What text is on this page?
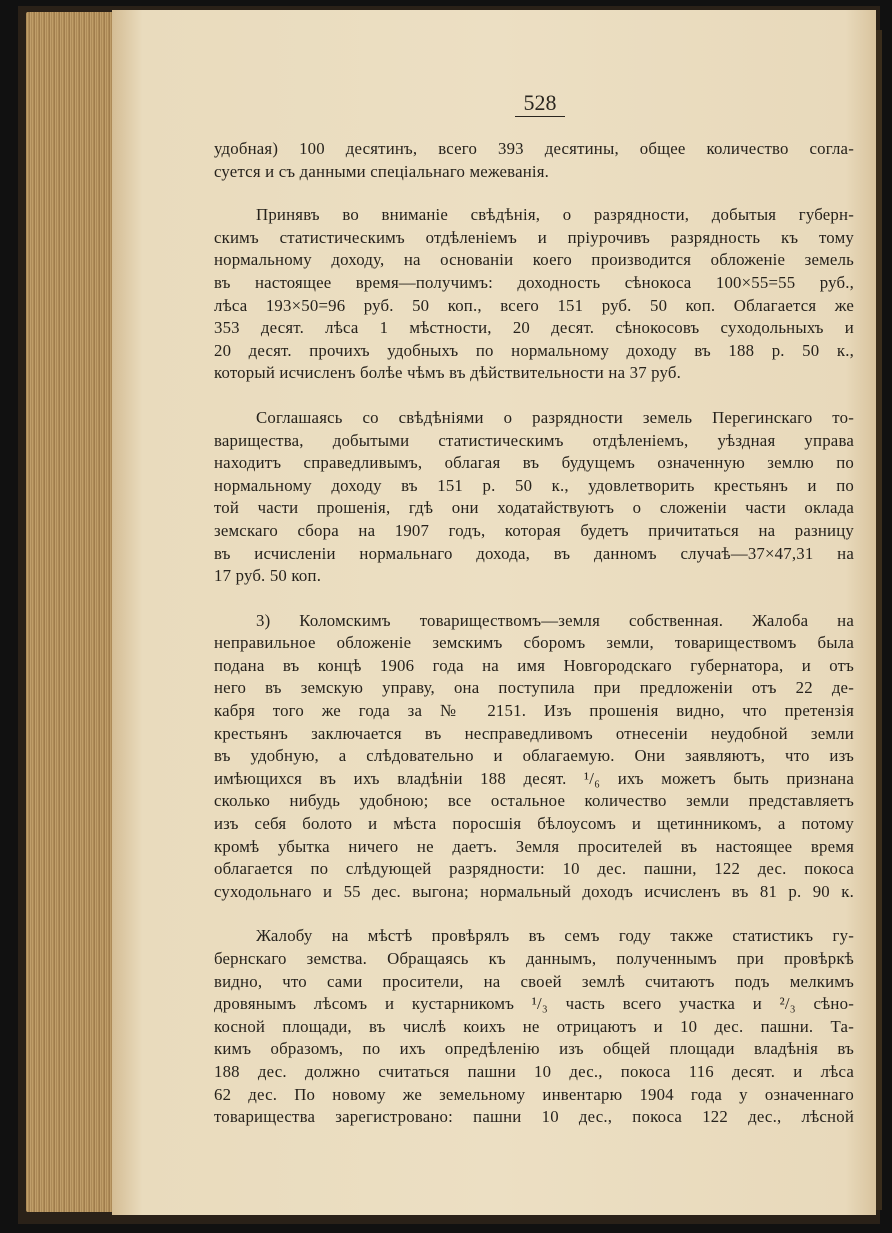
528
удобная) 100 десятинъ, всего 393 десятины, общее количество согла-
суется и съ данными спеціальнаго межеванія.
Принявъ во вниманіе свѣдѣнія, о разрядности, добытыя губерн-
скимъ статистическимъ отдѣленіемъ и пріурочивъ разрядность къ тому
нормальному доходу, на основаніи коего производится обложеніе земель
въ настоящее время—получимъ: доходность сѣнокоса 100×55=55 руб.,
лѣса 193×50=96 руб. 50 коп., всего 151 руб. 50 коп. Облагается же
353 десят. лѣса 1 мѣстности, 20 десят. сѣнокосовъ суходольныхъ и
20 десят. прочихъ удобныхъ по нормальному доходу въ 188 р. 50 к.,
который исчисленъ болѣе чѣмъ въ дѣйствительности на 37 руб.
Соглашаясь со свѣдѣніями о разрядности земель Перегинскаго то-
варищества, добытыми статистическимъ отдѣленіемъ, уѣздная управа
находитъ справедливымъ, облагая въ будущемъ означенную землю по
нормальному доходу въ 151 р. 50 к., удовлетворить крестьянъ и по
той части прошенія, гдѣ они ходатайствуютъ о сложеніи части оклада
земскаго сбора на 1907 годъ, которая будетъ причитаться на разницу
въ исчисленіи нормальнаго дохода, въ данномъ случаѣ—37×47,31 на
17 руб. 50 коп.
3) Коломскимъ товариществомъ—земля собственная. Жалоба на
неправильное обложеніе земскимъ сборомъ земли, товариществомъ была
подана въ концѣ 1906 года на имя Новгородскаго губернатора, и отъ
него въ земскую управу, она поступила при предложеніи отъ 22 де-
кабря того же года за № 2151. Изъ прошенія видно, что претензія
крестьянъ заключается въ несправедливомъ отнесеніи неудобной земли
въ удобную, а слѣдовательно и облагаемую. Они заявляютъ, что изъ
имѣющихся въ ихъ владѣніи 188 десят. ¹/₆ ихъ можетъ быть признана
сколько нибудь удобною; все остальное количество земли представляетъ
изъ себя болото и мѣста поросшія бѣлоусомъ и щетинникомъ, а потому
кромѣ убытка ничего не даетъ. Земля просителей въ настоящее время
облагается по слѣдующей разрядности: 10 дес. пашни, 122 дес. покоса
суходольнаго и 55 дес. выгона; нормальный доходъ исчисленъ въ 81 р. 90 к.
Жалобу на мѣстѣ провѣрялъ въ семъ году также статистикъ гу-
бернскаго земства. Обращаясь къ даннымъ, полученнымъ при провѣркѣ
видно, что сами просители, на своей землѣ считаютъ подъ мелкимъ
дровянымъ лѣсомъ и кустарникомъ ¹/₃ часть всего участка и ²/₃ сѣно-
косной площади, въ числѣ коихъ не отрицаютъ и 10 дес. пашни. Та-
кимъ образомъ, по ихъ опредѣленію изъ общей площади владѣнія въ
188 дес. должно считаться пашни 10 дес., покоса 116 десят. и лѣса
62 дес. По новому же земельному инвентарю 1904 года у означеннаго
товарищества зарегистровано: пашни 10 дес., покоса 122 дес., лѣсной
